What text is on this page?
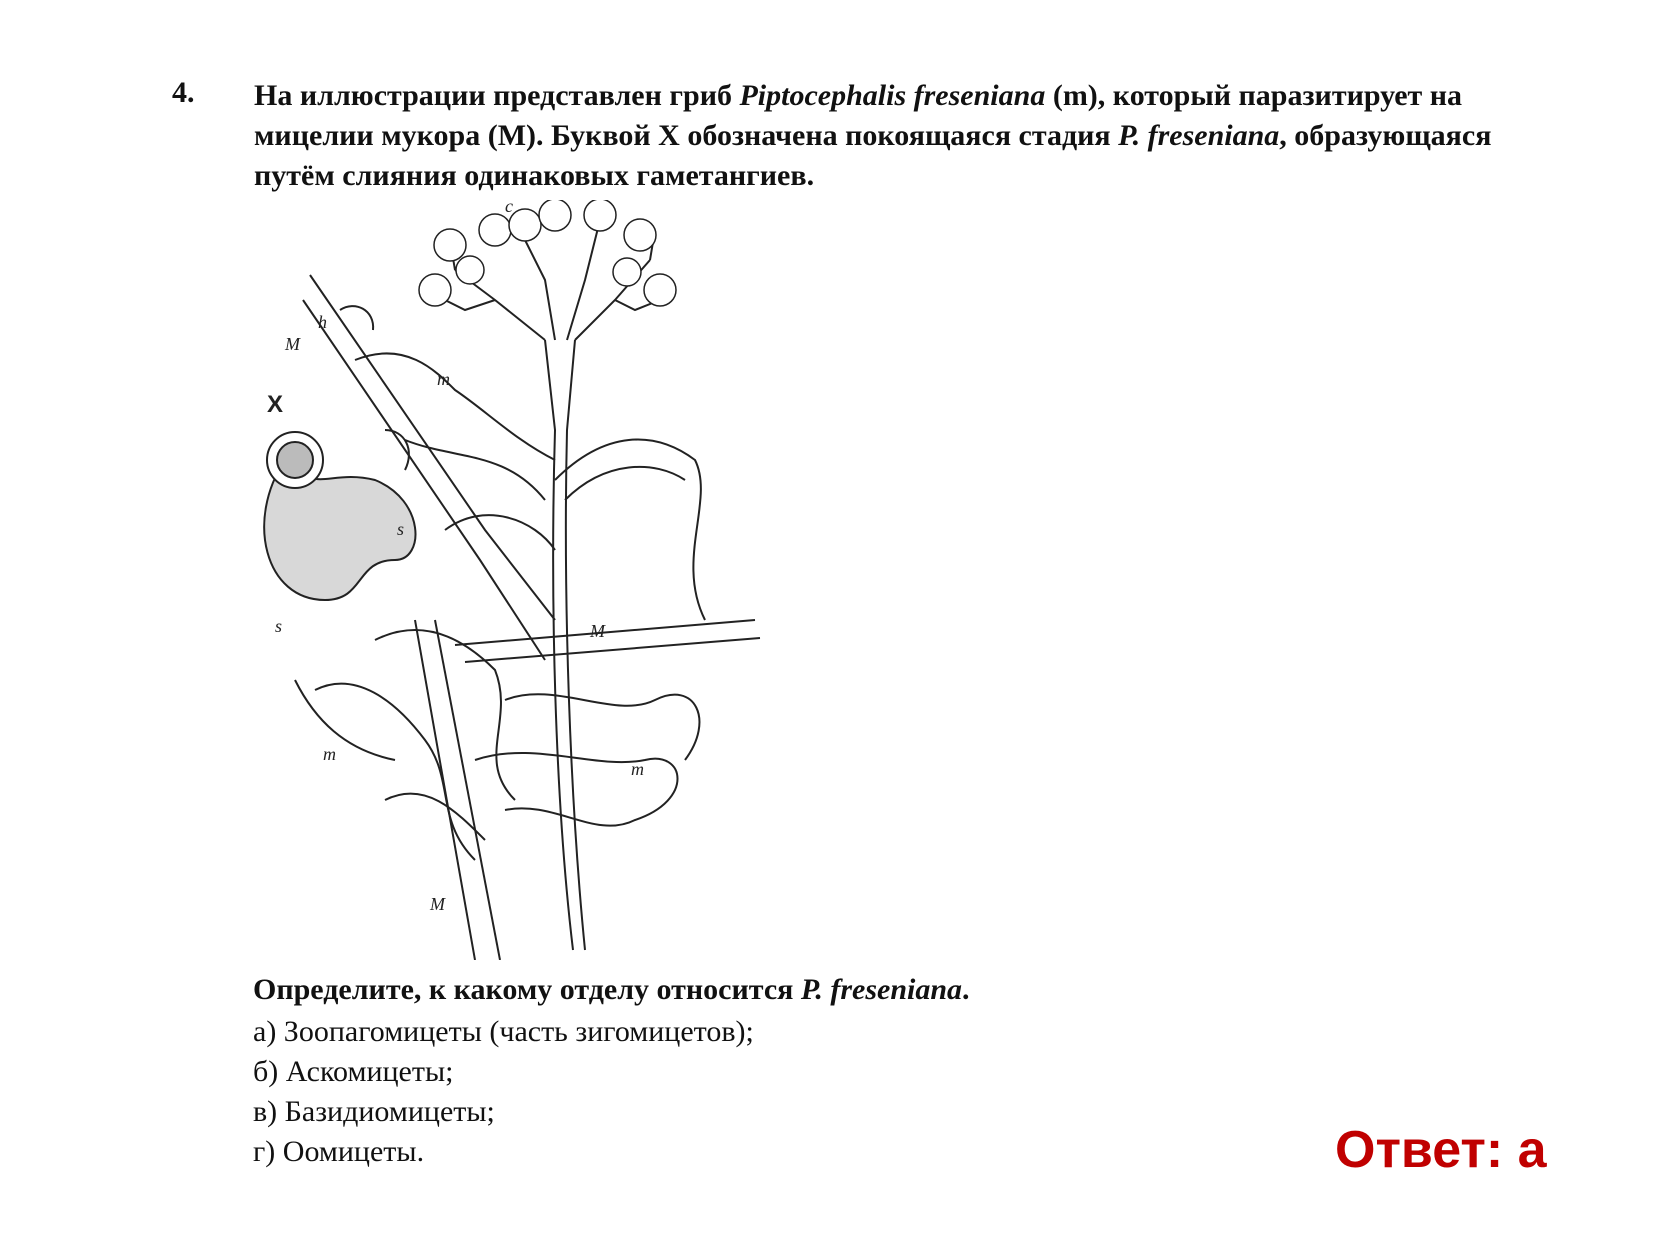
4. На иллюстрации представлен гриб Piptocephalis freseniana (m), который паразитирует на мицелии мукора (M). Буквой X обозначена покоящаяся стадия P. freseniana, образующаяся путём слияния одинаковых гаметангиев.
X
h
M
m
c
s
s	M
m
m
M
Определите, к какому отделу относится P. freseniana.
а) Зоопагомицеты (часть зигомицетов);
б) Аскомицеты;
в) Базидиомицеты;
г) Оомицеты.	Ответ: а
